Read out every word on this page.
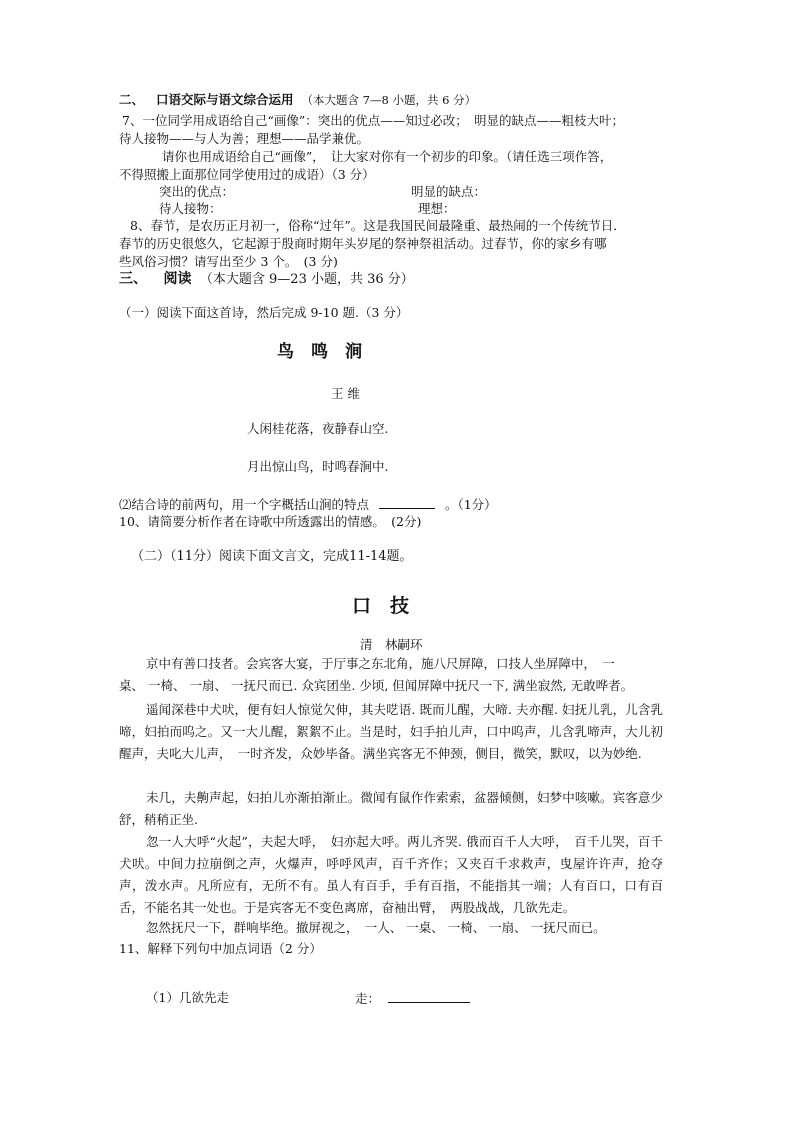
二、 口语交际与语文综合运用 （本大题含 7—8 小题，共 6 分）
7、一位同学用成语给自己“画像”：突出的优点——知过必改；　明显的缺点——粗枝大叶；
待人接物——与人为善；理想——品学兼优。
请你也用成语给自己“画像”，　让大家对你有一个初步的印象。（请任选三项作答，
不得照搬上面那位同学使用过的成语）（3 分）
突出的优点：	明显的缺点：
待人接物：	理想：
8、春节，是农历正月初一，俗称“过年”。这是我国民间最隆重、最热闹的一个传统节日．
春节的历史很悠久，它起源于殷商时期年头岁尾的祭神祭祖活动。过春节，你的家乡有哪
些风俗习惯？请写出至少 3 个。　(3 分)
三、 阅读 （本大题含 9—23 小题，共 36 分）
（一）阅读下面这首诗，然后完成 9-10 题.（3 分）
鸟　鸣　涧
王 维
人闲桂花落，夜静春山空.
月出惊山鸟，时鸣春涧中.
⑵结合诗的前两句，用一个字概括山涧的特点	。（1分）
10、请简要分析作者在诗歌中所透露出的情感。　(2分)
（二）（11分）阅读下面文言文，完成11-14题。
口　技
清　林嗣环
京中有善口技者。会宾客大宴，于厅事之东北角，施八尺屏障，口技人坐屏障中，　一
桌、 一椅、 一扇、 一抚尺而已. 众宾团坐. 少顷, 但闻屏障中抚尺一下, 满坐寂然, 无敢哗者。
遥闻深巷中犬吠，便有妇人惊觉欠伸，其夫呓语. 既而儿醒，大啼. 夫亦醒. 妇抚儿乳，儿含乳啼，妇拍而呜之。又一大儿醒，絮絮不止。当是时，妇手拍儿声，口中呜声，儿含乳啼声，大儿初醒声，夫叱大儿声，　一时齐发，众妙毕备。满坐宾客无不伸颈，侧目，微笑，默叹，以为妙绝.
未几，夫齁声起，妇拍儿亦渐拍渐止。微闻有鼠作作索索，盆器倾侧，妇梦中咳嗽。宾客意少舒，稍稍正坐.
忽一人大呼“火起”，夫起大呼，　妇亦起大呼。两儿齐哭. 俄而百千人大呼，　百千儿哭，百千犬吠。中间力拉崩倒之声，火爆声，呼呼风声，百千齐作；又夹百千求救声，曳屋许许声，抢夺声，泼水声。凡所应有，无所不有。虽人有百手，手有百指，不能指其一端；人有百口，口有百舌，不能名其一处也。于是宾客无不变色离席，奋袖出臂，　两股战战，几欲先走。
忽然抚尺一下，群响毕绝。撤屏视之，　一人、 一桌、 一椅、 一扇、 一抚尺而已。
11、解释下列句中加点词语（2 分）
（1）几欲先走	走：
